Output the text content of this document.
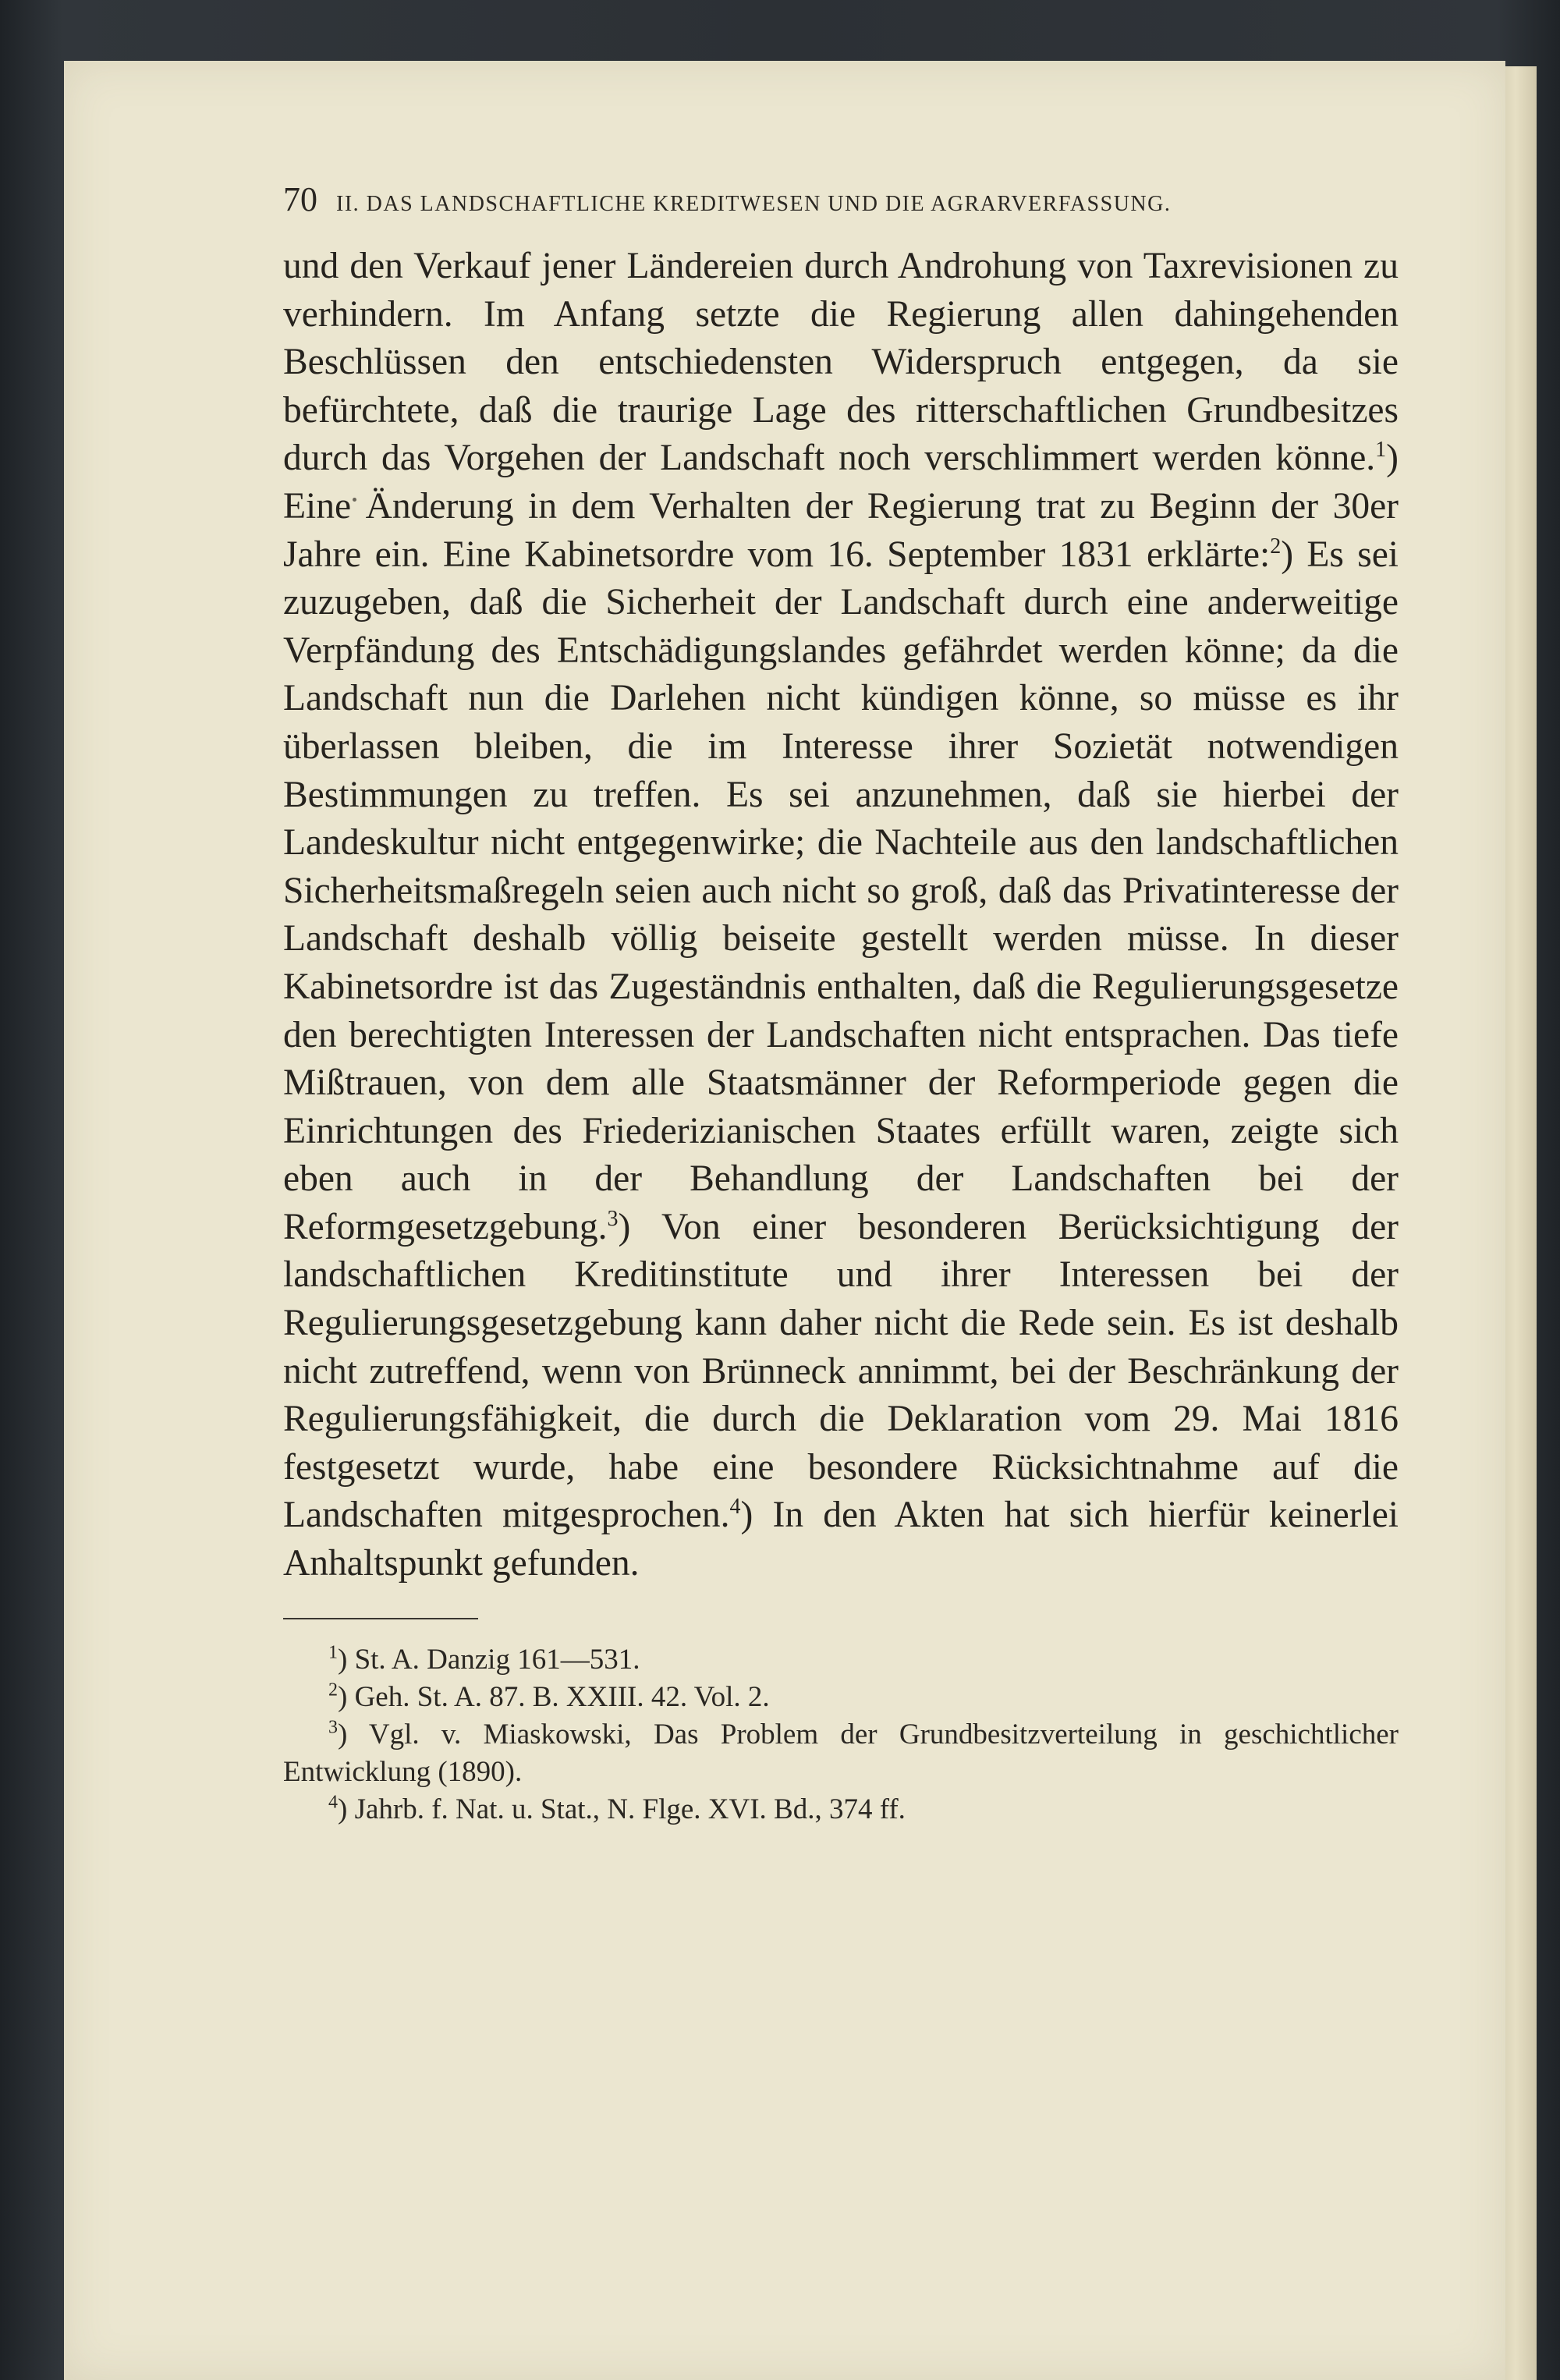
70 II. DAS LANDSCHAFTLICHE KREDITWESEN UND DIE AGRARVERFASSUNG.

und den Verkauf jener Ländereien durch Androhung von Taxrevisionen zu verhindern. Im Anfang setzte die Regierung allen dahingehenden Beschlüssen den entschiedensten Widerspruch entgegen, da sie befürchtete, daß die traurige Lage des ritterschaftlichen Grundbesitzes durch das Vorgehen der Landschaft noch verschlimmert werden könne.$^1$) Eine Änderung in dem Verhalten der Regierung trat zu Beginn der 30er Jahre ein. Eine Kabinetsordre vom 16. September 1831 erklärte:$^2$) Es sei zuzugeben, daß die Sicherheit der Landschaft durch eine anderweitige Verpfändung des Entschädigungslandes gefährdet werden könne; da die Landschaft nun die Darlehen nicht kündigen könne, so müsse es ihr überlassen bleiben, die im Interesse ihrer Sozietät notwendigen Bestimmungen zu treffen. Es sei anzunehmen, daß sie hierbei der Landeskultur nicht entgegenwirke; die Nachteile aus den landschaftlichen Sicherheitsmaßregeln seien auch nicht so groß, daß das Privatinteresse der Landschaft deshalb völlig beiseite gestellt werden müsse. In dieser Kabinetsordre ist das Zugeständnis enthalten, daß die Regulierungsgesetze den berechtigten Interessen der Landschaften nicht entsprachen. Das tiefe Mißtrauen, von dem alle Staatsmänner der Reformperiode gegen die Einrichtungen des Friederizianischen Staates erfüllt waren, zeigte sich eben auch in der Behandlung der Landschaften bei der Reformgesetzgebung.$^3$) Von einer besonderen Berücksichtigung der landschaftlichen Kreditinstitute und ihrer Interessen bei der Regulierungsgesetzgebung kann daher nicht die Rede sein. Es ist deshalb nicht zutreffend, wenn von Brünneck annimmt, bei der Beschränkung der Regulierungsfähigkeit, die durch die Deklaration vom 29. Mai 1816 festgesetzt wurde, habe eine besondere Rücksichtnahme auf die Landschaften mitgesprochen.$^4$) In den Akten hat sich hierfür keinerlei Anhaltspunkt gefunden.

$^1$) St. A. Danzig 161—531.
$^2$) Geh. St. A. 87. B. XXIII. 42. Vol. 2.
$^3$) Vgl. v. Miaskowski, Das Problem der Grundbesitzverteilung in geschichtlicher Entwicklung (1890).
$^4$) Jahrb. f. Nat. u. Stat., N. Flge. XVI. Bd., 374 ff.
